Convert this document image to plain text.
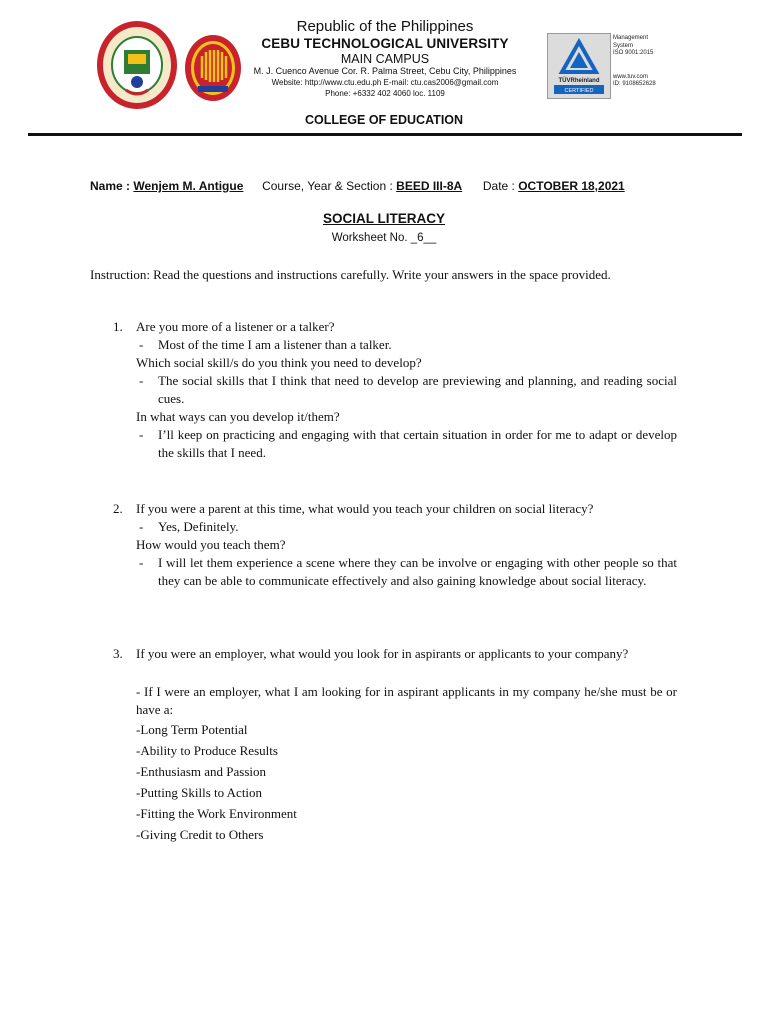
Republic of the Philippines
CEBU TECHNOLOGICAL UNIVERSITY
MAIN CAMPUS
M. J. Cuenco Avenue Cor. R. Palma Street, Cebu City, Philippines
Website: http://www.ctu.edu.ph E-mail: ctu.cas2006@gmail.com
Phone: +6332 402 4060 loc. 1109
TÜVRheinland
CERTIFIED
Management
System
ISO 9001:2015
www.tuv.com
ID: 9108652628
COLLEGE OF EDUCATION
Name : Wenjem M. Antigue Course, Year & Section : BEED III-8A Date : OCTOBER 18,2021
SOCIAL LITERACY
Worksheet No. _6__
Instruction: Read the questions and instructions carefully. Write your answers in the space provided.
1. Are you more of a listener or a talker?
- Most of the time I am a listener than a talker.
Which social skill/s do you think you need to develop?
- The social skills that I think that need to develop are previewing and planning, and reading social cues.
In what ways can you develop it/them?
- I’ll keep on practicing and engaging with that certain situation in order for me to adapt or develop the skills that I need.
2. If you were a parent at this time, what would you teach your children on social literacy?
- Yes, Definitely.
How would you teach them?
- I will let them experience a scene where they can be involve or engaging with other people so that they can be able to communicate effectively and also gaining knowledge about social literacy.
3. If you were an employer, what would you look for in aspirants or applicants to your company?
- If I were an employer, what I am looking for in aspirant applicants in my company he/she must be or have a:
-Long Term Potential
-Ability to Produce Results
-Enthusiasm and Passion
-Putting Skills to Action
-Fitting the Work Environment
-Giving Credit to Others
